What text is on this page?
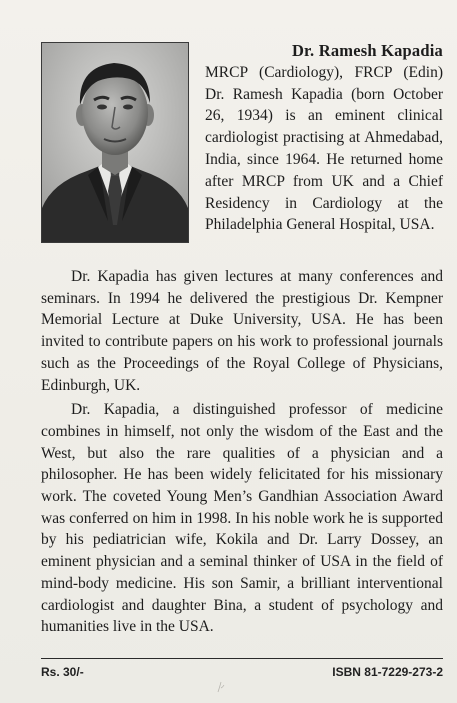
Dr. Ramesh Kapadia

MRCP (Cardiology), FRCP (Edin) Dr. Ramesh Kapadia (born October 26, 1934) is an eminent clinical cardiologist practising at Ahmedabad, India, since 1964. He returned home after MRCP from UK and a Chief Residency in Cardiology at the Philadelphia General Hospital, USA.

Dr. Kapadia has given lectures at many conferences and seminars. In 1994 he delivered the prestigious Dr. Kempner Memorial Lecture at Duke University, USA. He has been invited to contribute papers on his work to professional journals such as the Proceedings of the Royal College of Physicians, Edinburgh, UK.

Dr. Kapadia, a distinguished professor of medicine combines in himself, not only the wisdom of the East and the West, but also the rare qualities of a physician and a philosopher. He has been widely felicitated for his missionary work. The coveted Young Men’s Gandhian Association Award was conferred on him in 1998. In his noble work he is supported by his pediatrician wife, Kokila and Dr. Larry Dossey, an eminent physician and a seminal thinker of USA in the field of mind-body medicine. His son Samir, a brilliant interventional cardiologist and daughter Bina, a student of psychology and humanities live in the USA.

Rs. 30/-	ISBN 81-7229-273-2
